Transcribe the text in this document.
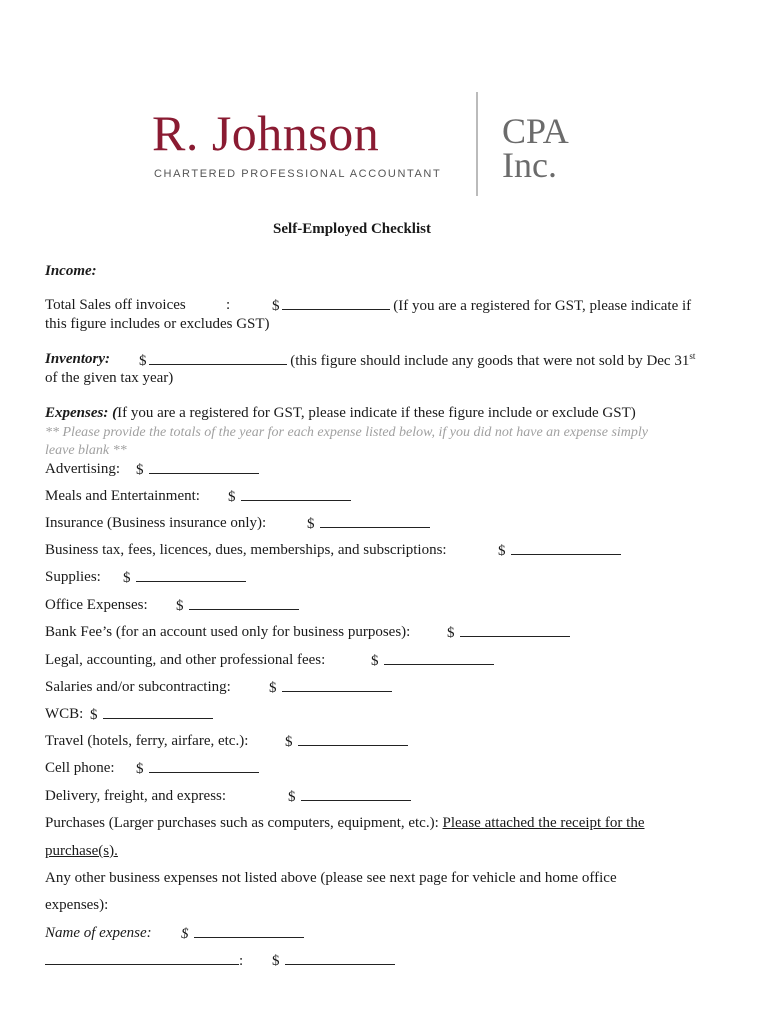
R. Johnson
CHARTERED PROFESSIONAL ACCOUNTANT
CPA
Inc.
Self-Employed Checklist
Income:
Total Sales off invoices	:	$	(If you are a registered for GST, please indicate if
this figure includes or excludes GST)
Inventory: $	(this figure should include any goods that were not sold by Dec 31st
of the given tax year)
Expenses: (If you are a registered for GST, please indicate if these figure include or exclude GST)
** Please provide the totals of the year for each expense listed below, if you did not have an expense simply
leave blank **
Advertising: $
Meals and Entertainment: $
Insurance (Business insurance only):	$
Business tax, fees, licences, dues, memberships, and subscriptions:	$
Supplies: $
Office Expenses: $
Bank Fee’s (for an account used only for business purposes): $
Legal, accounting, and other professional fees:	$
Salaries and/or subcontracting:	$
WCB: $
Travel (hotels, ferry, airfare, etc.): $
Cell phone: $
Delivery, freight, and express:	$
Purchases (Larger purchases such as computers, equipment, etc.): Please attached the receipt for the
purchase(s).
Any other business expenses not listed above (please see next page for vehicle and home office
expenses):
Name of expense: $
: $
